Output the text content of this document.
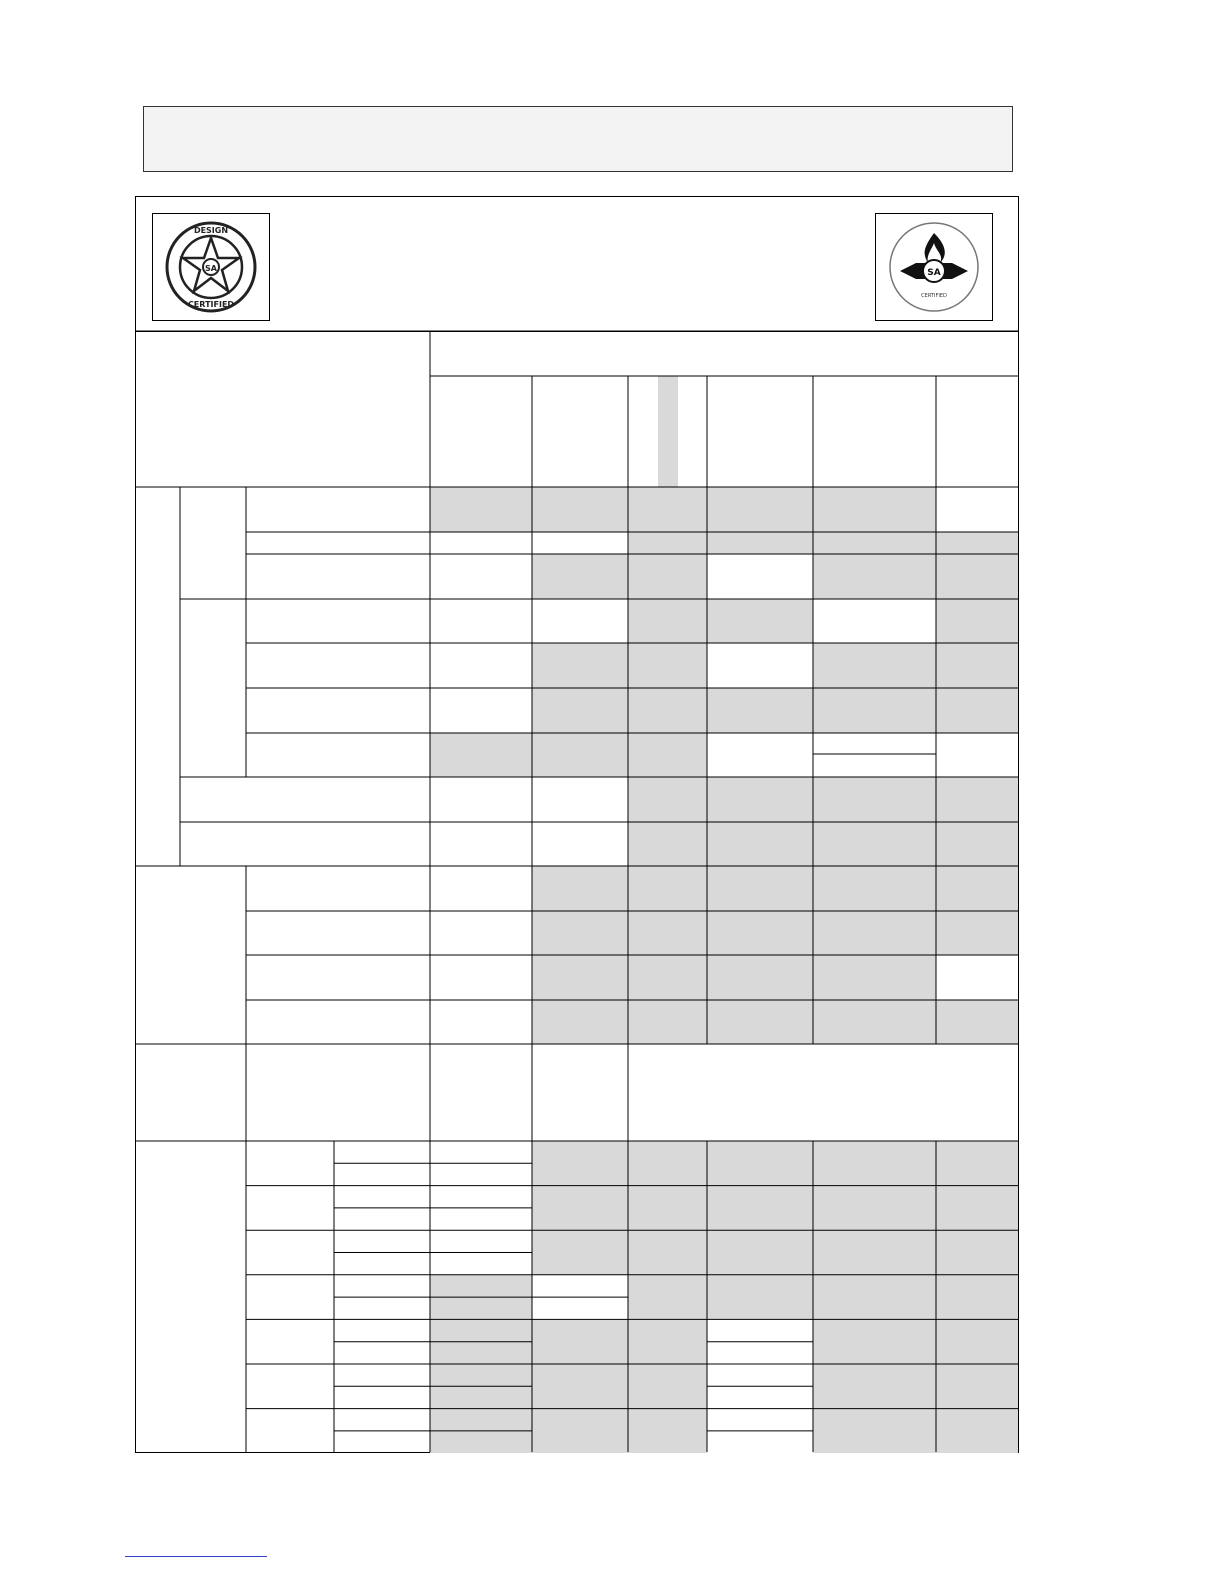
SA
DESIGN
CERTIFIED
SA
CERTIFIED
